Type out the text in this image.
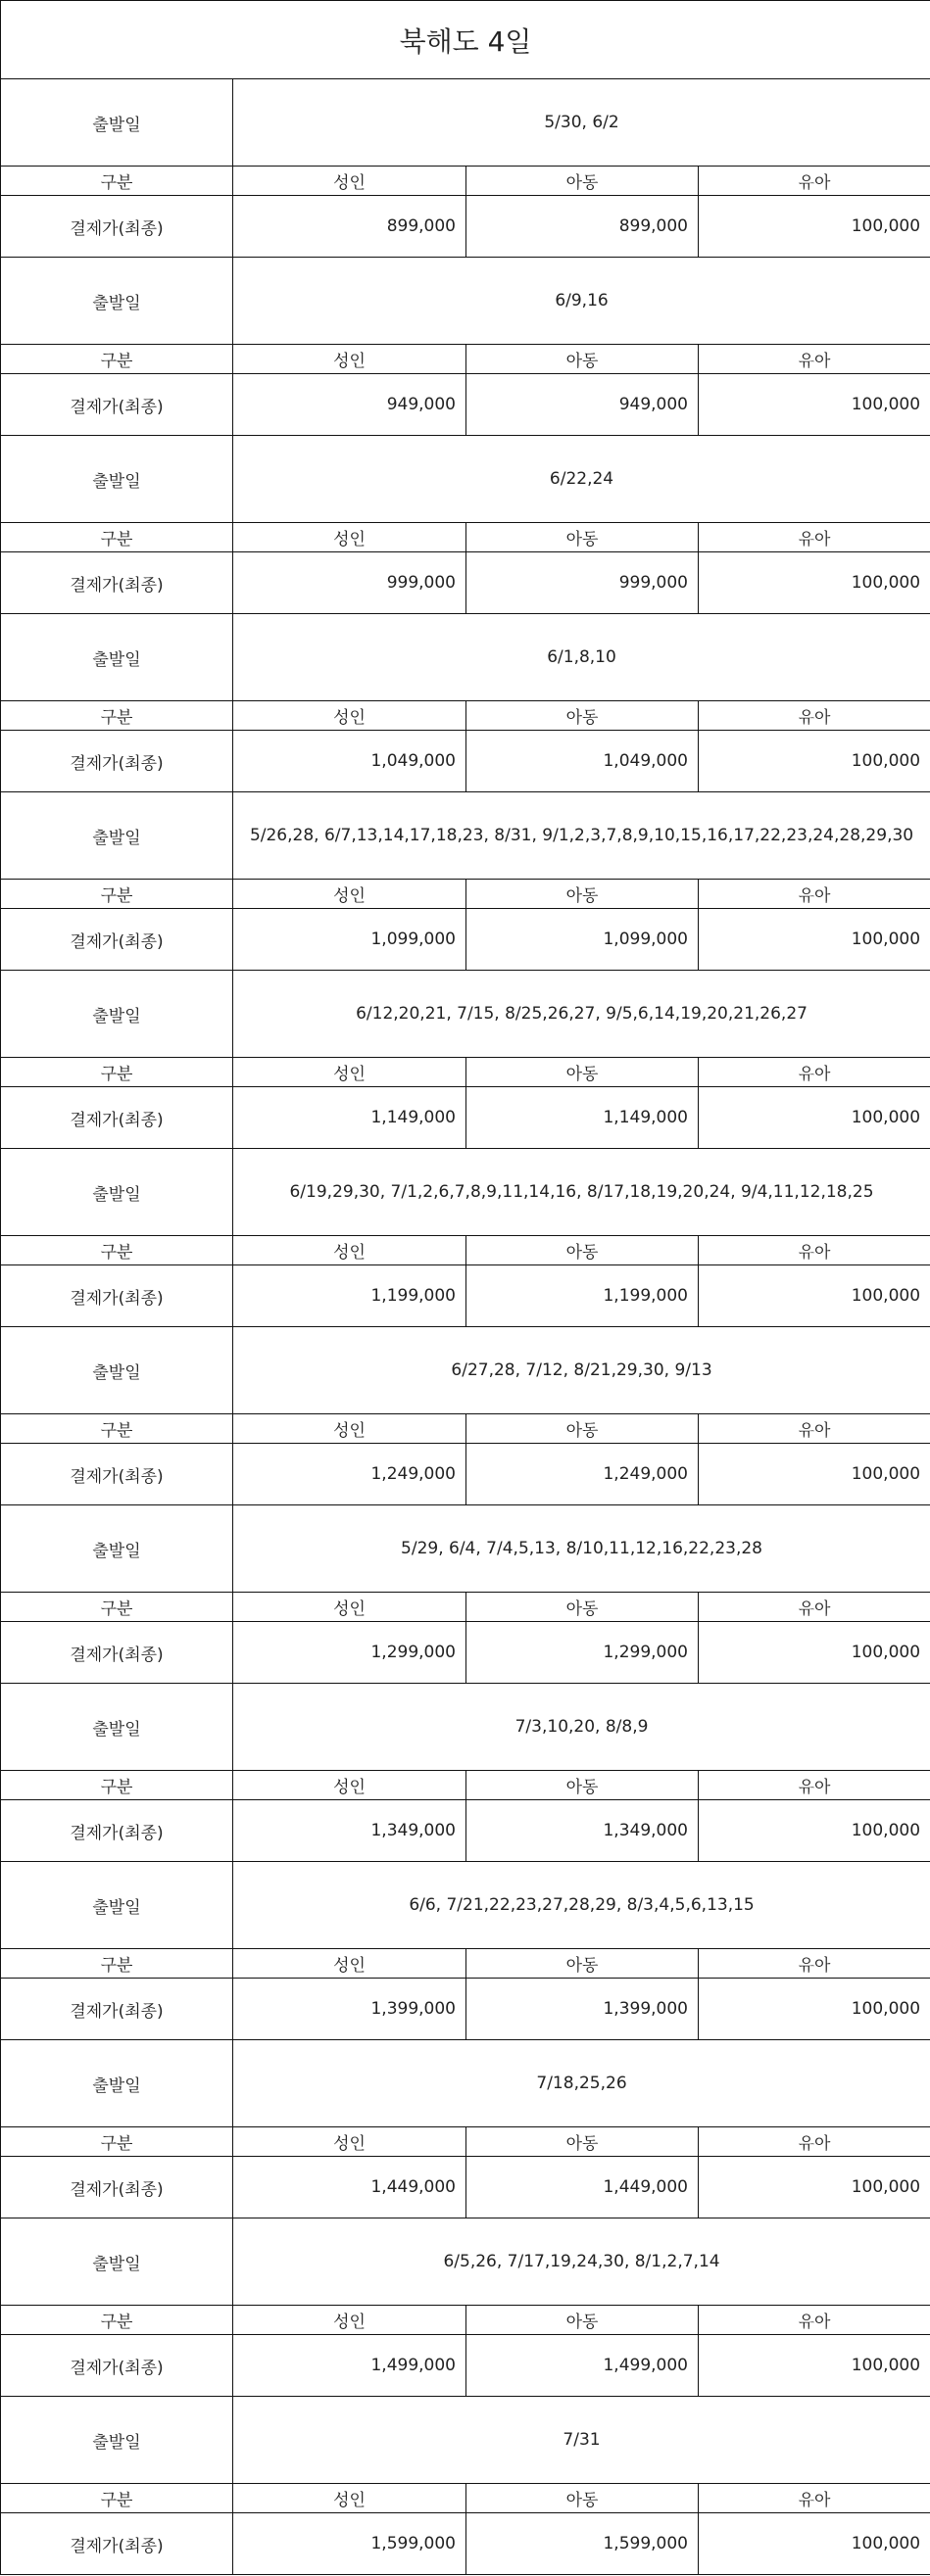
북해도 4일			
출발일	5/30, 6/2		
구분	성인	아동	유아
결제가(최종)	899,000	899,000	100,000
출발일	6/9,16		
구분	성인	아동	유아
결제가(최종)	949,000	949,000	100,000
출발일	6/22,24		
구분	성인	아동	유아
결제가(최종)	999,000	999,000	100,000
출발일	6/1,8,10		
구분	성인	아동	유아
결제가(최종)	1,049,000	1,049,000	100,000
출발일	5/26,28, 6/7,13,14,17,18,23, 8/31, 9/1,2,3,7,8,9,10,15,16,17,22,23,24,28,29,30		
구분	성인	아동	유아
결제가(최종)	1,099,000	1,099,000	100,000
출발일	6/12,20,21, 7/15, 8/25,26,27, 9/5,6,14,19,20,21,26,27		
구분	성인	아동	유아
결제가(최종)	1,149,000	1,149,000	100,000
출발일	6/19,29,30, 7/1,2,6,7,8,9,11,14,16, 8/17,18,19,20,24, 9/4,11,12,18,25		
구분	성인	아동	유아
결제가(최종)	1,199,000	1,199,000	100,000
출발일	6/27,28, 7/12, 8/21,29,30, 9/13		
구분	성인	아동	유아
결제가(최종)	1,249,000	1,249,000	100,000
출발일	5/29, 6/4, 7/4,5,13, 8/10,11,12,16,22,23,28		
구분	성인	아동	유아
결제가(최종)	1,299,000	1,299,000	100,000
출발일	7/3,10,20, 8/8,9		
구분	성인	아동	유아
결제가(최종)	1,349,000	1,349,000	100,000
출발일	6/6, 7/21,22,23,27,28,29, 8/3,4,5,6,13,15		
구분	성인	아동	유아
결제가(최종)	1,399,000	1,399,000	100,000
출발일	7/18,25,26		
구분	성인	아동	유아
결제가(최종)	1,449,000	1,449,000	100,000
출발일	6/5,26, 7/17,19,24,30, 8/1,2,7,14		
구분	성인	아동	유아
결제가(최종)	1,499,000	1,499,000	100,000
출발일	7/31		
구분	성인	아동	유아
결제가(최종)	1,599,000	1,599,000	100,000
